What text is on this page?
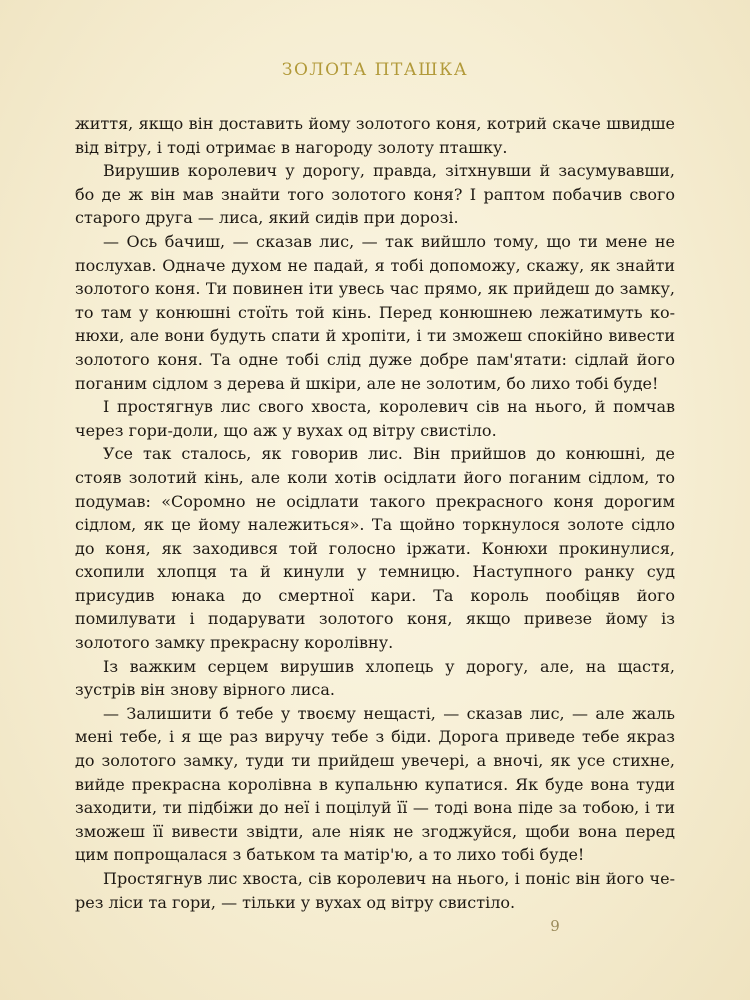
ЗОЛОТА ПТАШКА

життя, якщо він доставить йому золотого коня, котрий скаче швидше від вітру, і тоді отримає в нагороду золоту пташку.

Вирушив королевич у дорогу, правда, зітхнувши й засумувавши, бо де ж він мав знайти того золотого коня? І раптом побачив свого старого друга — лиса, який сидів при дорозі.

— Ось бачиш, — сказав лис, — так вийшло тому, що ти мене не послухав. Одначе духом не падай, я тобі допоможу, скажу, як знайти золотого коня. Ти повинен іти увесь час прямо, як прийдеш до замку, то там у конюшні стоїть той кінь. Перед конюшнею лежатимуть конюхи, але вони будуть спати й хропіти, і ти зможеш спокійно вивести золотого коня. Та одне тобі слід дуже добре пам'ятати: сідлай його поганим сідлом з дерева й шкіри, але не золотим, бо лихо тобі буде!

І простягнув лис свого хвоста, королевич сів на нього, й помчав через гори-доли, що аж у вухах од вітру свистіло.

Усе так сталось, як говорив лис. Він прийшов до конюшні, де стояв золотий кінь, але коли хотів осідлати його поганим сідлом, то подумав: «Соромно не осідлати такого прекрасного коня дорогим сідлом, як це йому належиться». Та щойно торкнулося золоте сідло до коня, як заходився той голосно іржати. Конюхи прокинулися, схопили хлопця та й кинули у темницю. Наступного ранку суд присудив юнака до смертної кари. Та король пообіцяв його помилувати і подарувати золотого коня, якщо привезе йому із золотого замку прекрасну королівну.

Із важким серцем вирушив хлопець у дорогу, але, на щастя, зустрів він знову вірного лиса.

— Залишити б тебе у твоєму нещасті, — сказав лис, — але жаль мені тебе, і я ще раз виручу тебе з біди. Дорога приведе тебе якраз до золотого замку, туди ти прийдеш увечері, а вночі, як усе стихне, вийде прекрасна королівна в купальню купатися. Як буде вона туди заходити, ти підбіжи до неї і поцілуй її — тоді вона піде за тобою, і ти зможеш її вивести звідти, але ніяк не згоджуйся, щоби вона перед цим попрощалася з батьком та матір'ю, а то лихо тобі буде!

Простягнув лис хвоста, сів королевич на нього, і поніс він його через ліси та гори, — тільки у вухах од вітру свистіло.

9
